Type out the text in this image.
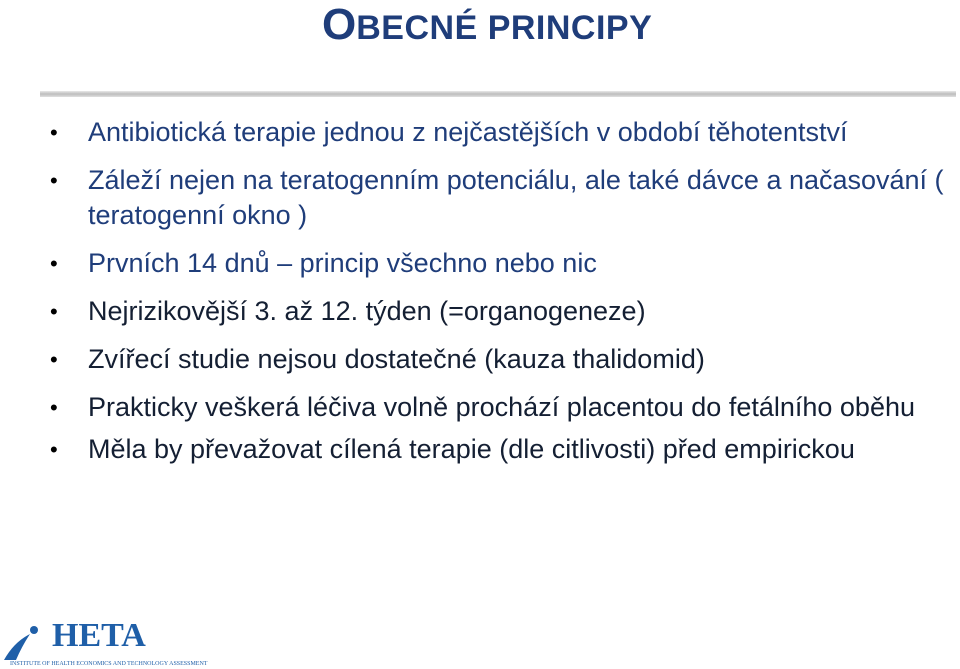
OBECNÉ PRINCIPY
• Antibiotická terapie jednou z nejčastějších v období těhotentství
• Záleží nejen na teratogenním potenciálu, ale také dávce a načasování ( teratogenní okno )
• Prvních 14 dnů – princip všechno nebo nic
• Nejrizikovější 3. až 12. týden (=organogeneze)
• Zvířecí studie nejsou dostatečné (kauza thalidomid)
• Prakticky veškerá léčiva volně prochází placentou do fetálního oběhu
• Měla by převažovat cílená terapie (dle citlivosti) před empirickou
HETA
INSTITUTE OF HEALTH ECONOMICS AND TECHNOLOGY ASSESSMENT
